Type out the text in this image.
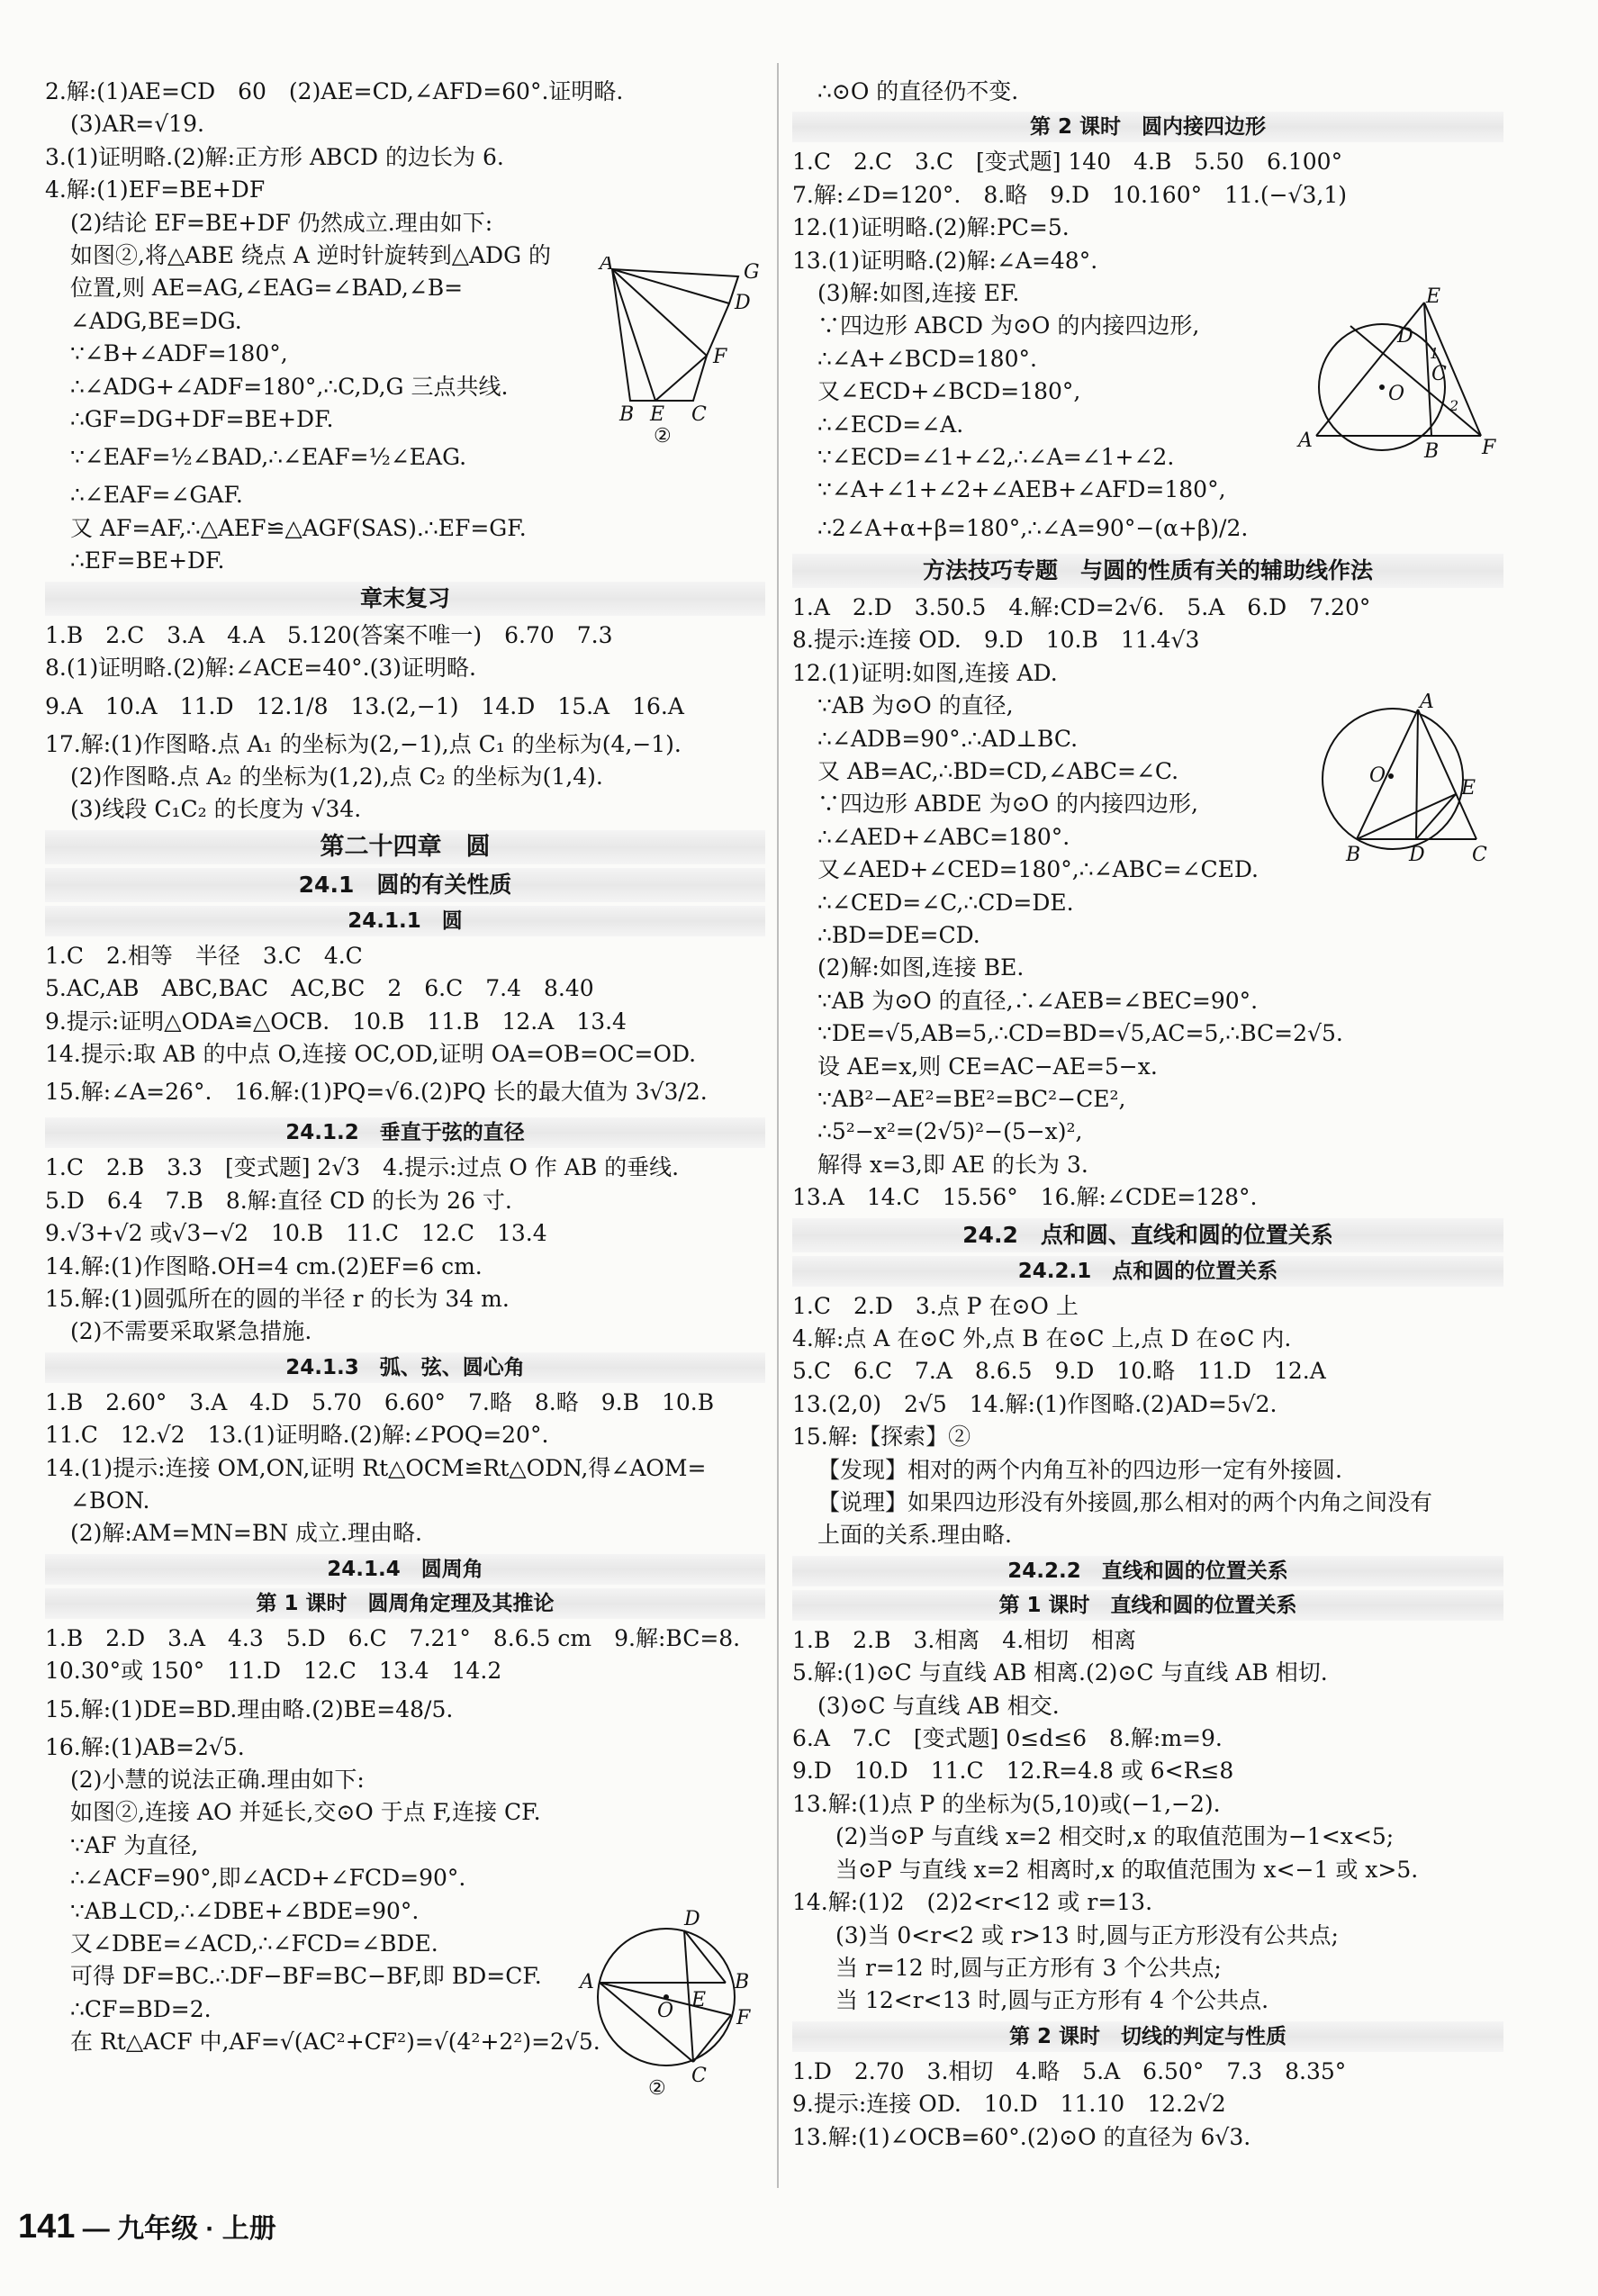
2.解:(1)AE=CD　60　(2)AE=CD,∠AFD=60°.证明略.
(3)AR=√19.
3.(1)证明略.(2)解:正方形 ABCD 的边长为 6.
4.解:(1)EF=BE+DF
(2)结论 EF=BE+DF 仍然成立.理由如下:
如图②,将△ABE 绕点 A 逆时针旋转到△ADG 的
位置,则 AE=AG,∠EAG=∠BAD,∠B=
∠ADG,BE=DG.
∵∠B+∠ADF=180°,
∴∠ADG+∠ADF=180°,∴C,D,G 三点共线.
∴GF=DG+DF=BE+DF.
∵∠EAF=½∠BAD,∴∠EAF=½∠EAG.
∴∠EAF=∠GAF.
又 AF=AF,∴△AEF≌△AGF(SAS).∴EF=GF.
∴EF=BE+DF.
章末复习
1.B　2.C　3.A　4.A　5.120(答案不唯一)　6.70　7.3
8.(1)证明略.(2)解:∠ACE=40°.(3)证明略.
9.A　10.A　11.D　12.1/8　13.(2,−1)　14.D　15.A　16.A
17.解:(1)作图略.点 A₁ 的坐标为(2,−1),点 C₁ 的坐标为(4,−1).
(2)作图略.点 A₂ 的坐标为(1,2),点 C₂ 的坐标为(1,4).
(3)线段 C₁C₂ 的长度为 √34.
第二十四章　圆
24.1　圆的有关性质
24.1.1　圆
1.C　2.相等　半径　3.C　4.C
5.AC,AB　ABC,BAC　AC,BC　2　6.C　7.4　8.40
9.提示:证明△ODA≌△OCB.　10.B　11.B　12.A　13.4
14.提示:取 AB 的中点 O,连接 OC,OD,证明 OA=OB=OC=OD.
15.解:∠A=26°.　16.解:(1)PQ=√6.(2)PQ 长的最大值为 3√3/2.
24.1.2　垂直于弦的直径
1.C　2.B　3.3　[变式题] 2√3　4.提示:过点 O 作 AB 的垂线.
5.D　6.4　7.B　8.解:直径 CD 的长为 26 寸.
9.√3+√2 或√3−√2　10.B　11.C　12.C　13.4
14.解:(1)作图略.OH=4 cm.(2)EF=6 cm.
15.解:(1)圆弧所在的圆的半径 r 的长为 34 m.
(2)不需要采取紧急措施.
24.1.3　弧、弦、圆心角
1.B　2.60°　3.A　4.D　5.70　6.60°　7.略　8.略　9.B　10.B
11.C　12.√2　13.(1)证明略.(2)解:∠POQ=20°.
14.(1)提示:连接 OM,ON,证明 Rt△OCM≌Rt△ODN,得∠AOM=
∠BON.
(2)解:AM=MN=BN 成立.理由略.
24.1.4　圆周角
第 1 课时　圆周角定理及其推论
1.B　2.D　3.A　4.3　5.D　6.C　7.21°　8.6.5 cm　9.解:BC=8.
10.30°或 150°　11.D　12.C　13.4　14.2
15.解:(1)DE=BD.理由略.(2)BE=48/5.
16.解:(1)AB=2√5.
(2)小慧的说法正确.理由如下:
如图②,连接 AO 并延长,交⊙O 于点 F,连接 CF.
∵AF 为直径,
∴∠ACF=90°,即∠ACD+∠FCD=90°.
∵AB⊥CD,∴∠DBE+∠BDE=90°.
又∠DBE=∠ACD,∴∠FCD=∠BDE.
可得 DF=BC.∴DF−BF=BC−BF,即 BD=CF.
∴CF=BD=2.
在 Rt△ACF 中,AF=√(AC²+CF²)=√(4²+2²)=2√5.
∴⊙O 的直径仍不变.
第 2 课时　圆内接四边形
1.C　2.C　3.C　[变式题] 140　4.B　5.50　6.100°
7.解:∠D=120°.　8.略　9.D　10.160°　11.(−√3,1)
12.(1)证明略.(2)解:PC=5.
13.(1)证明略.(2)解:∠A=48°.
(3)解:如图,连接 EF.
∵四边形 ABCD 为⊙O 的内接四边形,
∴∠A+∠BCD=180°.
又∠ECD+∠BCD=180°,
∴∠ECD=∠A.
∵∠ECD=∠1+∠2,∴∠A=∠1+∠2.
∵∠A+∠1+∠2+∠AEB+∠AFD=180°,
∴2∠A+α+β=180°,∴∠A=90°−(α+β)/2.
方法技巧专题　与圆的性质有关的辅助线作法
1.A　2.D　3.50.5　4.解:CD=2√6.　5.A　6.D　7.20°
8.提示:连接 OD.　9.D　10.B　11.4√3
12.(1)证明:如图,连接 AD.
∵AB 为⊙O 的直径,
∴∠ADB=90°.∴AD⊥BC.
又 AB=AC,∴BD=CD,∠ABC=∠C.
∵四边形 ABDE 为⊙O 的内接四边形,
∴∠AED+∠ABC=180°.
又∠AED+∠CED=180°,∴∠ABC=∠CED.
∴∠CED=∠C,∴CD=DE.
∴BD=DE=CD.
(2)解:如图,连接 BE.
∵AB 为⊙O 的直径,∴∠AEB=∠BEC=90°.
∵DE=√5,AB=5,∴CD=BD=√5,AC=5,∴BC=2√5.
设 AE=x,则 CE=AC−AE=5−x.
∵AB²−AE²=BE²=BC²−CE²,
∴5²−x²=(2√5)²−(5−x)²,
解得 x=3,即 AE 的长为 3.
13.A　14.C　15.56°　16.解:∠CDE=128°.
24.2　点和圆、直线和圆的位置关系
24.2.1　点和圆的位置关系
1.C　2.D　3.点 P 在⊙O 上
4.解:点 A 在⊙C 外,点 B 在⊙C 上,点 D 在⊙C 内.
5.C　6.C　7.A　8.6.5　9.D　10.略　11.D　12.A
13.(2,0)　2√5　14.解:(1)作图略.(2)AD=5√2.
15.解:【探索】②
【发现】相对的两个内角互补的四边形一定有外接圆.
【说理】如果四边形没有外接圆,那么相对的两个内角之间没有
上面的关系.理由略.
24.2.2　直线和圆的位置关系
第 1 课时　直线和圆的位置关系
1.B　2.B　3.相离　4.相切　相离
5.解:(1)⊙C 与直线 AB 相离.(2)⊙C 与直线 AB 相切.
(3)⊙C 与直线 AB 相交.
6.A　7.C　[变式题] 0≤d≤6　8.解:m=9.
9.D　10.D　11.C　12.R=4.8 或 6<R≤8
13.解:(1)点 P 的坐标为(5,10)或(−1,−2).
(2)当⊙P 与直线 x=2 相交时,x 的取值范围为−1<x<5;
当⊙P 与直线 x=2 相离时,x 的取值范围为 x<−1 或 x>5.
14.解:(1)2　(2)2<r<12 或 r=13.
(3)当 0<r<2 或 r>13 时,圆与正方形没有公共点;
当 r=12 时,圆与正方形有 3 个公共点;
当 12<r<13 时,圆与正方形有 4 个公共点.
第 2 课时　切线的判定与性质
1.D　2.70　3.相切　4.略　5.A　6.50°　7.3　8.35°
9.提示:连接 OD.　10.D　11.10　12.2√2
13.解:(1)∠OCB=60°.(2)⊙O 的直径为 6√3.
A	G
D
F
B E C
②
D
A	B
E
O	F
C
②
E
D
1
C
2
O
A	B F
A
O
E
B D C
141 — 九年级 · 上册
